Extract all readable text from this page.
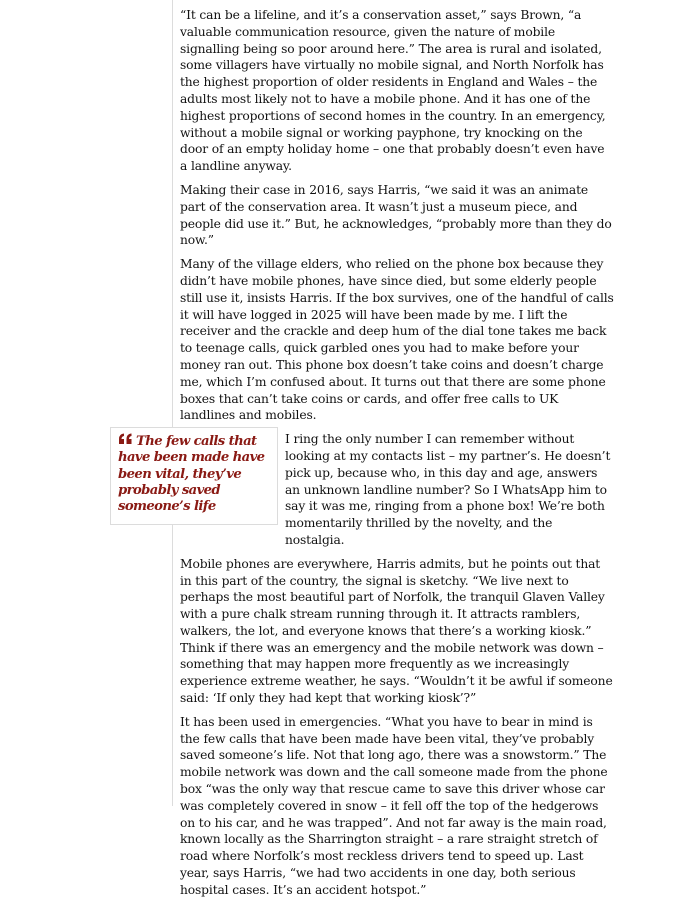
“It can be a lifeline, and it’s a conservation asset,” says Brown, “a valuable communication resource, given the nature of mobile signalling being so poor around here.” The area is rural and isolated, some villagers have virtually no mobile signal, and North Norfolk has the highest proportion of older residents in England and Wales – the adults most likely not to have a mobile phone. And it has one of the highest proportions of second homes in the country. In an emergency, without a mobile signal or working payphone, try knocking on the door of an empty holiday home – one that probably doesn’t even have a landline anyway.

Making their case in 2016, says Harris, “we said it was an animate part of the conservation area. It wasn’t just a museum piece, and people did use it.” But, he acknowledges, “probably more than they do now.”

Many of the village elders, who relied on the phone box because they didn’t have mobile phones, have since died, but some elderly people still use it, insists Harris. If the box survives, one of the handful of calls it will have logged in 2025 will have been made by me. I lift the receiver and the crackle and deep hum of the dial tone takes me back to teenage calls, quick garbled ones you had to make before your money ran out. This phone box doesn’t take coins and doesn’t charge me, which I’m confused about. It turns out that there are some phone boxes that can’t take coins or cards, and offer free calls to UK landlines and mobiles.

The few calls that have been made have been vital, they’ve probably saved someone’s life

I ring the only number I can remember without looking at my contacts list – my partner’s. He doesn’t pick up, because who, in this day and age, answers an unknown landline number? So I WhatsApp him to say it was me, ringing from a phone box! We’re both momentarily thrilled by the novelty, and the nostalgia.

Mobile phones are everywhere, Harris admits, but he points out that in this part of the country, the signal is sketchy. “We live next to perhaps the most beautiful part of Norfolk, the tranquil Glaven Valley with a pure chalk stream running through it. It attracts ramblers, walkers, the lot, and everyone knows that there’s a working kiosk.” Think if there was an emergency and the mobile network was down – something that may happen more frequently as we increasingly experience extreme weather, he says. “Wouldn’t it be awful if someone said: ‘If only they had kept that working kiosk’?”

It has been used in emergencies. “What you have to bear in mind is the few calls that have been made have been vital, they’ve probably saved someone’s life. Not that long ago, there was a snowstorm.” The mobile network was down and the call someone made from the phone box “was the only way that rescue came to save this driver whose car was completely covered in snow – it fell off the top of the hedgerows on to his car, and he was trapped”. And not far away is the main road, known locally as the Sharrington straight – a rare straight stretch of road where Norfolk’s most reckless drivers tend to speed up. Last year, says Harris, “we had two accidents in one day, both serious hospital cases. It’s an accident hotspot.”
